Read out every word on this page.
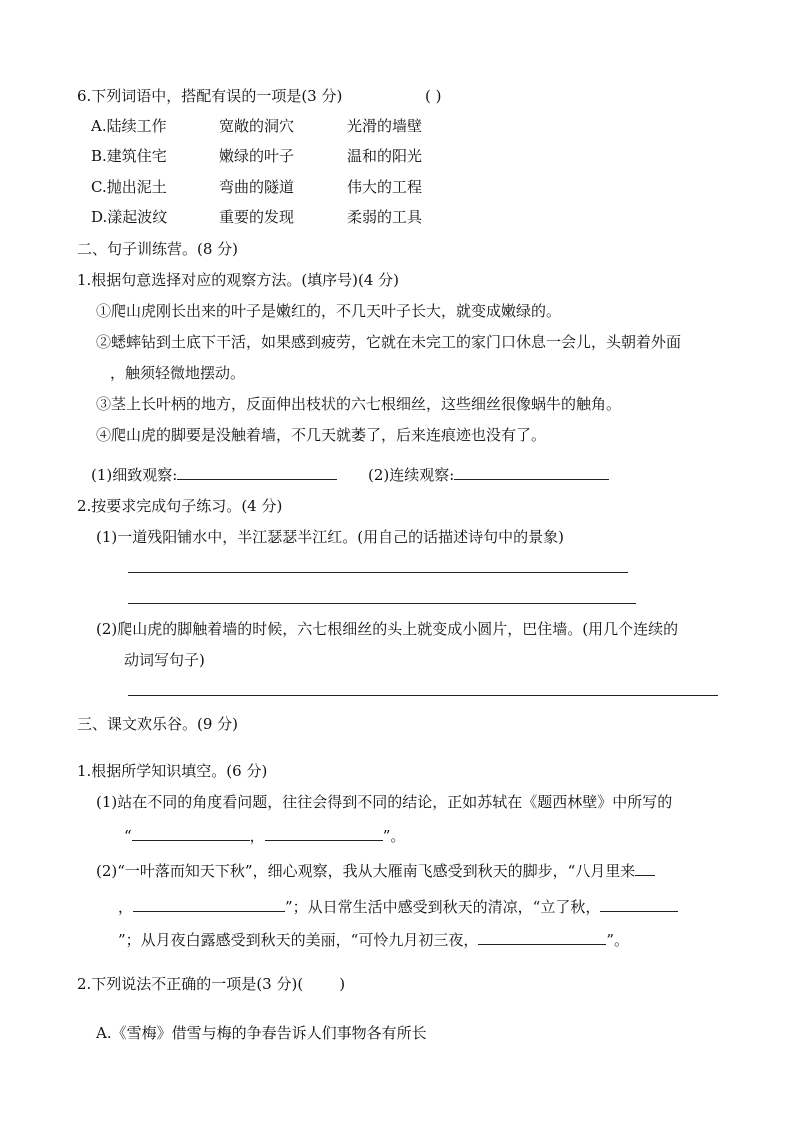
6.下列词语中，搭配有误的一项是(3 分)	( )
A.陆续工作	宽敞的洞穴	光滑的墙壁
B.建筑住宅	嫩绿的叶子	温和的阳光
C.抛出泥土	弯曲的隧道	伟大的工程
D.漾起波纹	重要的发现	柔弱的工具
二、句子训练营。(8 分)
1.根据句意选择对应的观察方法。(填序号)(4 分)
①爬山虎刚长出来的叶子是嫩红的，不几天叶子长大，就变成嫩绿的。
②蟋蟀钻到土底下干活，如果感到疲劳，它就在未完工的家门口休息一会儿，头朝着外面
，触须轻微地摆动。
③茎上长叶柄的地方，反面伸出枝状的六七根细丝，这些细丝很像蜗牛的触角。
④爬山虎的脚要是没触着墙，不几天就萎了，后来连痕迹也没有了。
(1)细致观察:	(2)连续观察:
2.按要求完成句子练习。(4 分)
(1)一道残阳铺水中，半江瑟瑟半江红。(用自己的话描述诗句中的景象)
(2)爬山虎的脚触着墙的时候，六七根细丝的头上就变成小圆片，巴住墙。(用几个连续的
动词写句子)
三、课文欢乐谷。(9 分)
1.根据所学知识填空。(6 分)
(1)站在不同的角度看问题，往往会得到不同的结论，正如苏轼在《题西林壁》中所写的
“	，	”。
(2)“一叶落而知天下秋”，细心观察，我从大雁南飞感受到秋天的脚步，“八月里来
，	”；从日常生活中感受到秋天的清凉，“立了秋，
”；从月夜白露感受到秋天的美丽，“可怜九月初三夜，	”。
2.下列说法不正确的一项是(3 分)( )
A.《雪梅》借雪与梅的争春告诉人们事物各有所长
